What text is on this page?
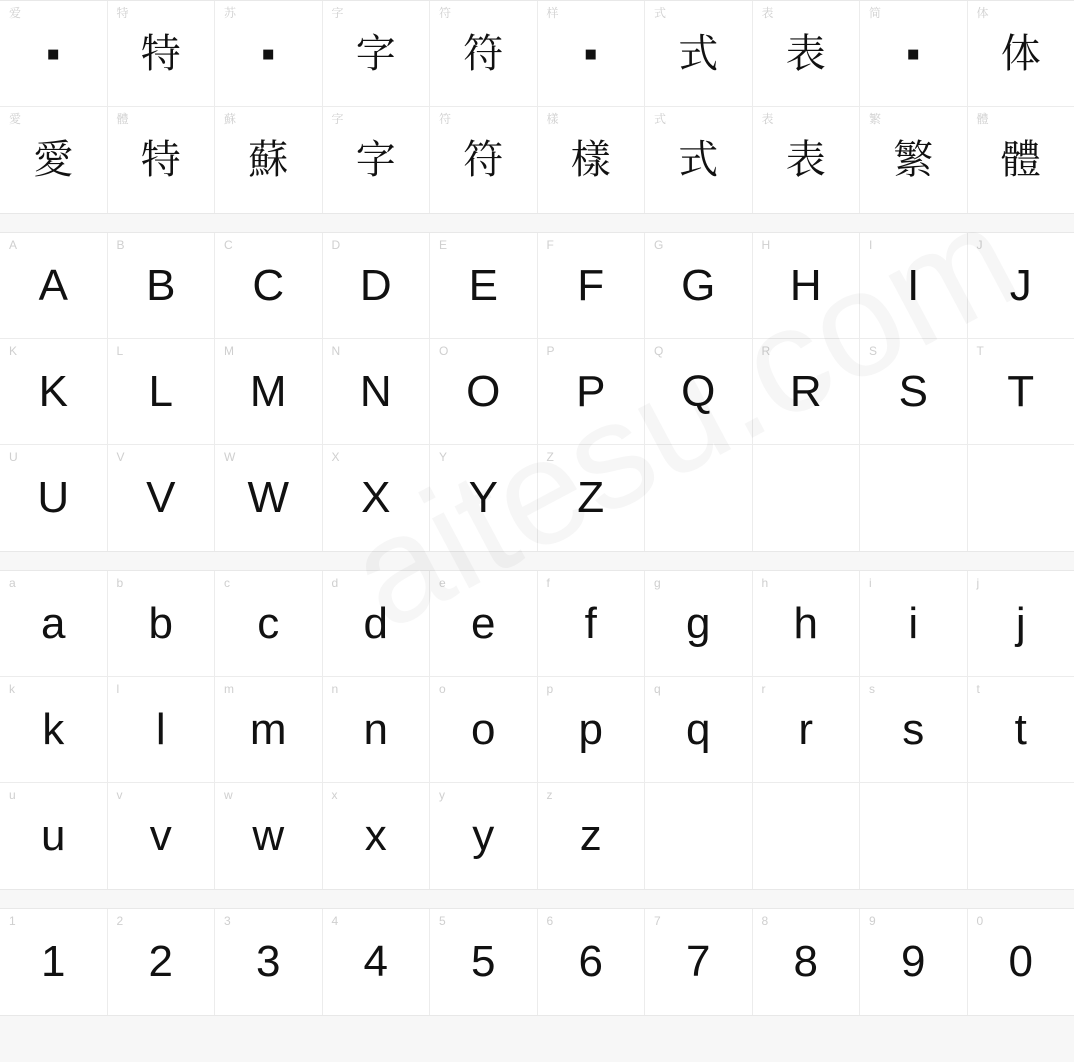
爱
▪
特
特
苏
▪
字
字
符
符
样
▪
式
式
表
表
简
▪
体
体
愛
愛
體
特
蘇
蘇
字
字
符
符
樣
樣
式
式
表
表
繁
繁
體
體
A
A
B
B
C
C
D
D
E
E
F
F
G
G
H
H
I
I
J
J
K
K
L
L
M
M
N
N
O
O
P
P
Q
Q
R
R
S
S
T
T
U
U
V
V
W
W
X
X
Y
Y
Z
Z
a
a
b
b
c
c
d
d
e
e
f
f
g
g
h
h
i
i
j
j
k
k
l
l
m
m
n
n
o
o
p
p
q
q
r
r
s
s
t
t
u
u
v
v
w
w
x
x
y
y
z
z
1
1
2
2
3
3
4
4
5
5
6
6
7
7
8
8
9
9
0
0
